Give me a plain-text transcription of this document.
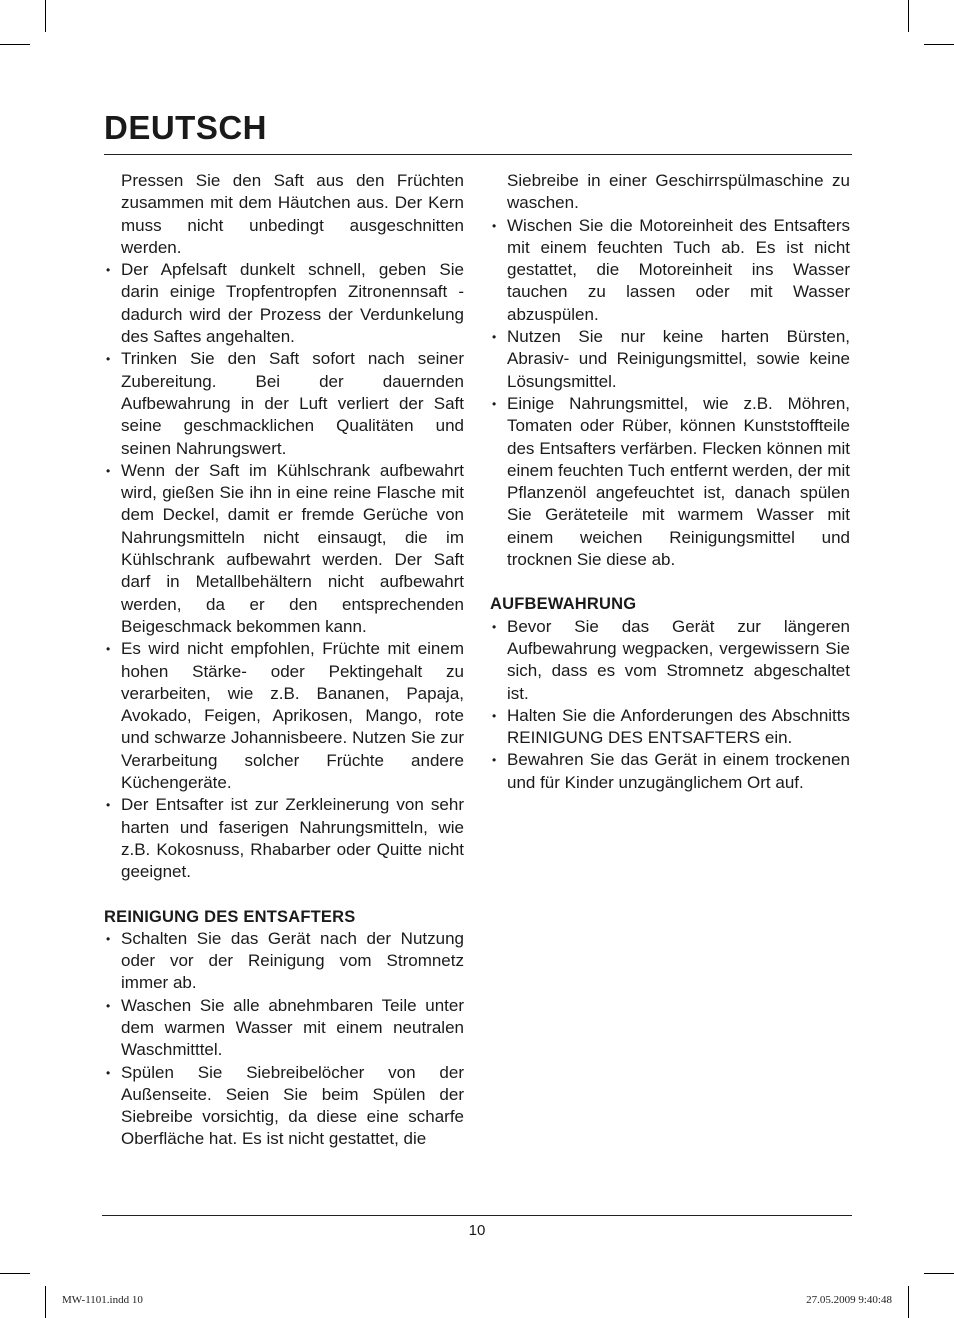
DEUTSCH

Pressen Sie den Saft aus den Früchten zusammen mit dem Häutchen aus. Der Kern muss nicht unbedingt ausgeschnitten werden.

• Der Apfelsaft dunkelt schnell, geben Sie darin einige Tropfentropfen Zitronennsaft - dadurch wird der Prozess der Verdunkelung des Saftes angehalten.
• Trinken Sie den Saft sofort nach seiner Zubereitung. Bei der dauernden Aufbewahrung in der Luft verliert der Saft seine geschmacklichen Qualitäten und seinen Nahrungswert.
• Wenn der Saft im Kühlschrank aufbewahrt wird, gießen Sie ihn in eine reine Flasche mit dem Deckel, damit er fremde Gerüche von Nahrungsmitteln nicht einsaugt, die im Kühlschrank aufbewahrt werden. Der Saft darf in Metallbehältern nicht aufbewahrt werden, da er den entsprechenden Beigeschmack bekommen kann.
• Es wird nicht empfohlen, Früchte mit einem hohen Stärke- oder Pektingehalt zu verarbeiten, wie z.B. Bananen, Papaja, Avokado, Feigen, Aprikosen, Mango, rote und schwarze Johannisbeere. Nutzen Sie zur Verarbeitung solcher Früchte andere Küchengeräte.
• Der Entsafter ist zur Zerkleinerung von sehr harten und faserigen Nahrungsmitteln, wie z.B. Kokosnuss, Rhabarber oder Quitte nicht geeignet.
REINIGUNG DES ENTSAFTERS
• Schalten Sie das Gerät nach der Nutzung oder vor der Reinigung vom Stromnetz immer ab.
• Waschen Sie alle abnehmbaren Teile unter dem warmen Wasser mit einem neutralen Waschmitttel.
• Spülen Sie Siebreibelöcher von der Außenseite. Seien Sie beim Spülen der Siebreibe vorsichtig, da diese eine scharfe Oberfläche hat. Es ist nicht gestattet, die

Siebreibe in einer Geschirrspülmaschine zu waschen.

• Wischen Sie die Motoreinheit des Entsafters mit einem feuchten Tuch ab. Es ist nicht gestattet, die Motoreinheit ins Wasser tauchen zu lassen oder mit Wasser abzuspülen.
• Nutzen Sie nur keine harten Bürsten, Abrasiv- und Reinigungsmittel, sowie keine Lösungsmittel.
• Einige Nahrungsmittel, wie z.B. Möhren, Tomaten oder Rüber, können Kunststoffteile des Entsafters verfärben. Flecken können mit einem feuchten Tuch entfernt werden, der mit Pflanzenöl angefeuchtet ist, danach spülen Sie Geräteteile mit warmem Wasser mit einem weichen Reinigungsmittel und trocknen Sie diese ab.
AUFBEWAHRUNG
• Bevor Sie das Gerät zur längeren Aufbewahrung wegpacken, vergewissern Sie sich, dass es vom Stromnetz abgeschaltet ist.
• Halten Sie die Anforderungen des Abschnitts REINIGUNG DES ENTSAFTERS ein.
• Bewahren Sie das Gerät in einem trockenen und für Kinder unzugänglichem Ort auf.
10
MW-1101.indd 10	27.05.2009 9:40:48
